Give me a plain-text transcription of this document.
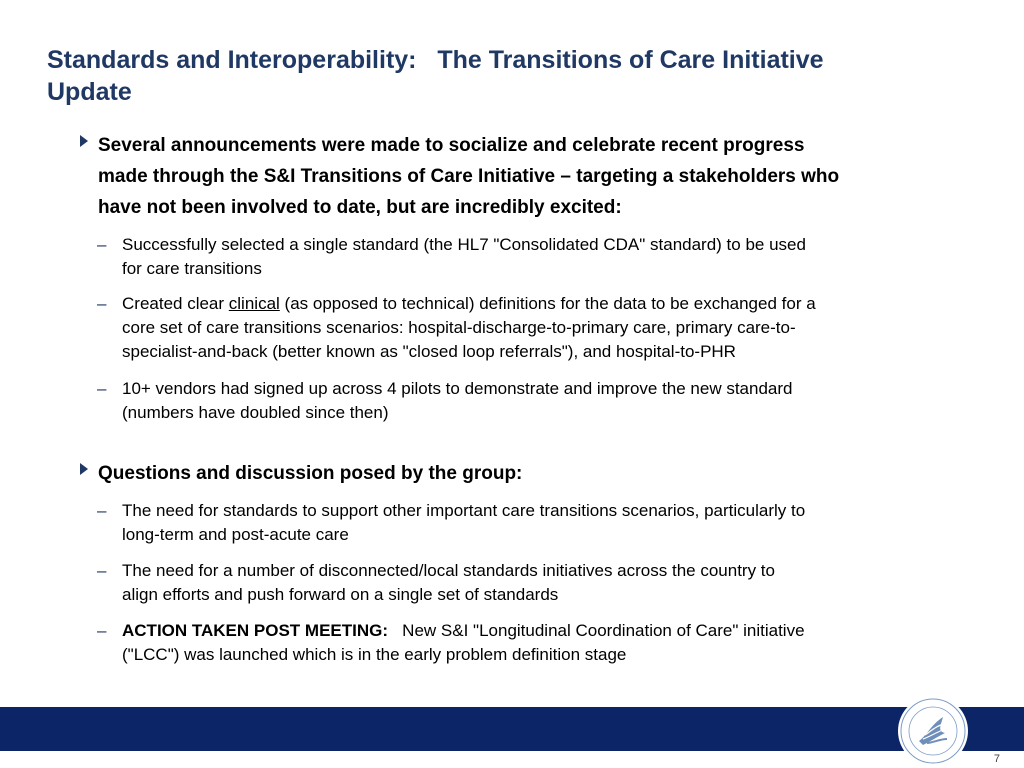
Standards and Interoperability: The Transitions of Care Initiative
Update
Several announcements were made to socialize and celebrate recent progress
made through the S&I Transitions of Care Initiative – targeting a stakeholders who
have not been involved to date, but are incredibly excited:
– Successfully selected a single standard (the HL7 "Consolidated CDA" standard) to be used
for care transitions
– Created clear clinical (as opposed to technical) definitions for the data to be exchanged for a
core set of care transitions scenarios: hospital-discharge-to-primary care, primary care-to-
specialist-and-back (better known as "closed loop referrals"), and hospital-to-PHR
– 10+ vendors had signed up across 4 pilots to demonstrate and improve the new standard
(numbers have doubled since then)
Questions and discussion posed by the group:
– The need for standards to support other important care transitions scenarios, particularly to
long-term and post-acute care
– The need for a number of disconnected/local standards initiatives across the country to
align efforts and push forward on a single set of standards
– ACTION TAKEN POST MEETING:   New S&I "Longitudinal Coordination of Care" initiative
("LCC") was launched which is in the early problem definition stage
7
